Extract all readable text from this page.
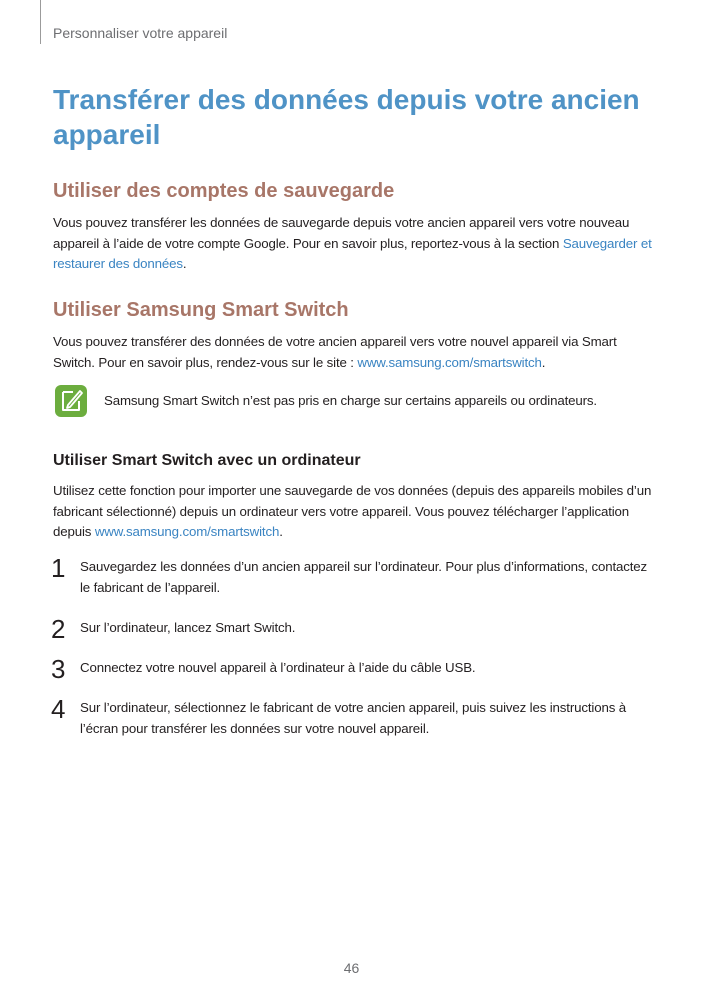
Personnaliser votre appareil
Transférer des données depuis votre ancien appareil
Utiliser des comptes de sauvegarde

Vous pouvez transférer les données de sauvegarde depuis votre ancien appareil vers votre nouveau appareil à l’aide de votre compte Google. Pour en savoir plus, reportez-vous à la section Sauvegarder et restaurer des données.

Utiliser Samsung Smart Switch

Vous pouvez transférer des données de votre ancien appareil vers votre nouvel appareil via Smart Switch. Pour en savoir plus, rendez-vous sur le site : www.samsung.com/smartswitch.

Samsung Smart Switch n’est pas pris en charge sur certains appareils ou ordinateurs.
Utiliser Smart Switch avec un ordinateur

Utilisez cette fonction pour importer une sauvegarde de vos données (depuis des appareils mobiles d’un fabricant sélectionné) depuis un ordinateur vers votre appareil. Vous pouvez télécharger l’application depuis www.samsung.com/smartswitch.

1 Sauvegardez les données d’un ancien appareil sur l’ordinateur. Pour plus d’informations, contactez le fabricant de l’appareil.

2 Sur l’ordinateur, lancez Smart Switch.

3 Connectez votre nouvel appareil à l’ordinateur à l’aide du câble USB.

4 Sur l’ordinateur, sélectionnez le fabricant de votre ancien appareil, puis suivez les instructions à l’écran pour transférer les données sur votre nouvel appareil.

46
